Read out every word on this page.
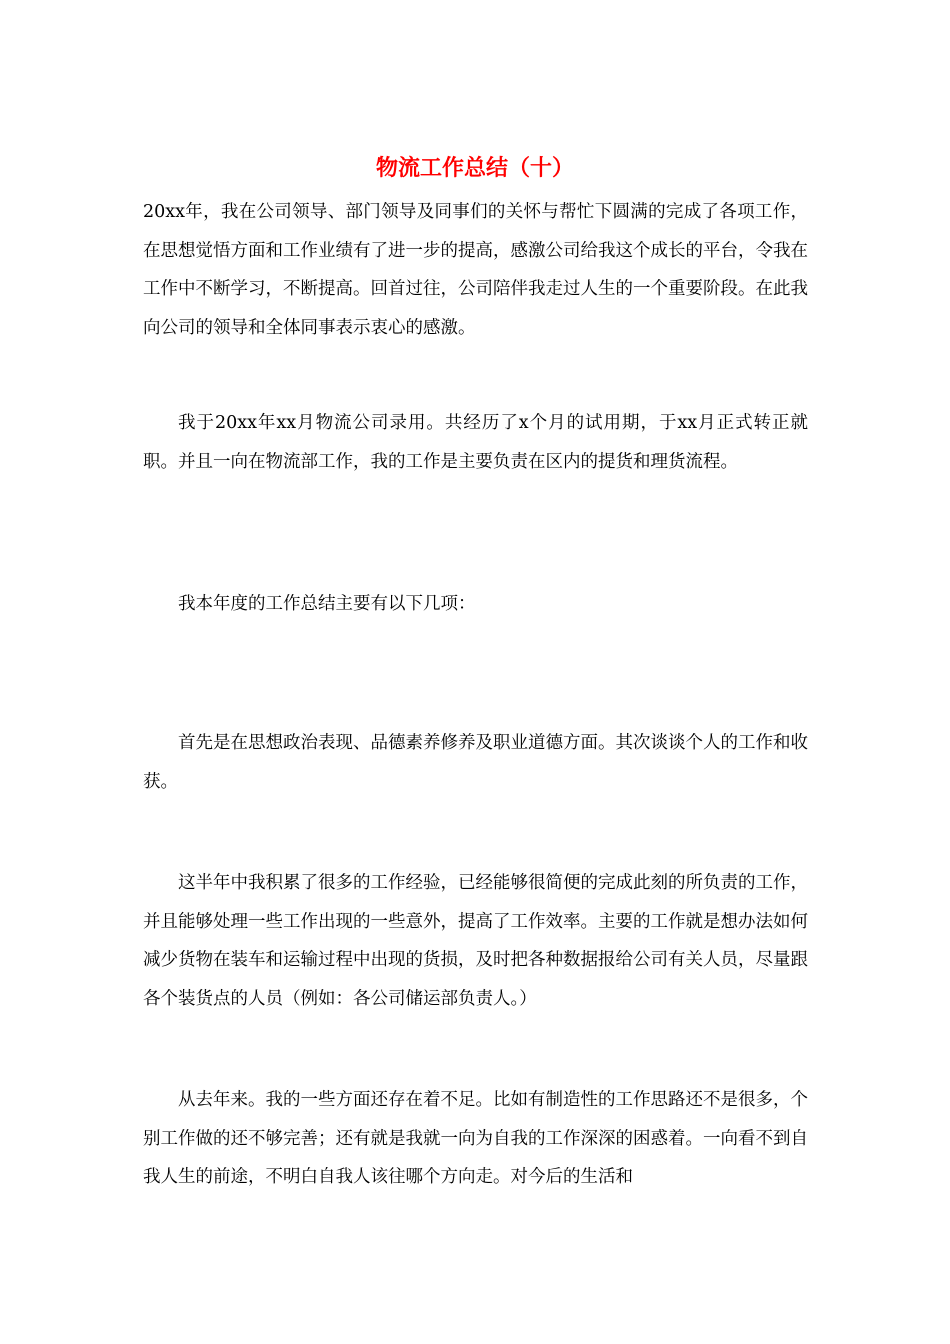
物流工作总结（十）

20xx年，我在公司领导、部门领导及同事们的关怀与帮忙下圆满的完成了各项工作，在思想觉悟方面和工作业绩有了进一步的提高，感激公司给我这个成长的平台，令我在工作中不断学习，不断提高。回首过往，公司陪伴我走过人生的一个重要阶段。在此我向公司的领导和全体同事表示衷心的感激。

我于20xx年xx月物流公司录用。共经历了x个月的试用期，于xx月正式转正就职。并且一向在物流部工作，我的工作是主要负责在区内的提货和理货流程。

我本年度的工作总结主要有以下几项：

首先是在思想政治表现、品德素养修养及职业道德方面。其次谈谈个人的工作和收获。

这半年中我积累了很多的工作经验，已经能够很简便的完成此刻的所负责的工作，并且能够处理一些工作出现的一些意外，提高了工作效率。主要的工作就是想办法如何减少货物在装车和运输过程中出现的货损，及时把各种数据报给公司有关人员，尽量跟各个装货点的人员（例如：各公司储运部负责人。）

从去年来。我的一些方面还存在着不足。比如有制造性的工作思路还不是很多，个别工作做的还不够完善；还有就是我就一向为自我的工作深深的困惑着。一向看不到自我人生的前途，不明白自我人该往哪个方向走。对今后的生活和
